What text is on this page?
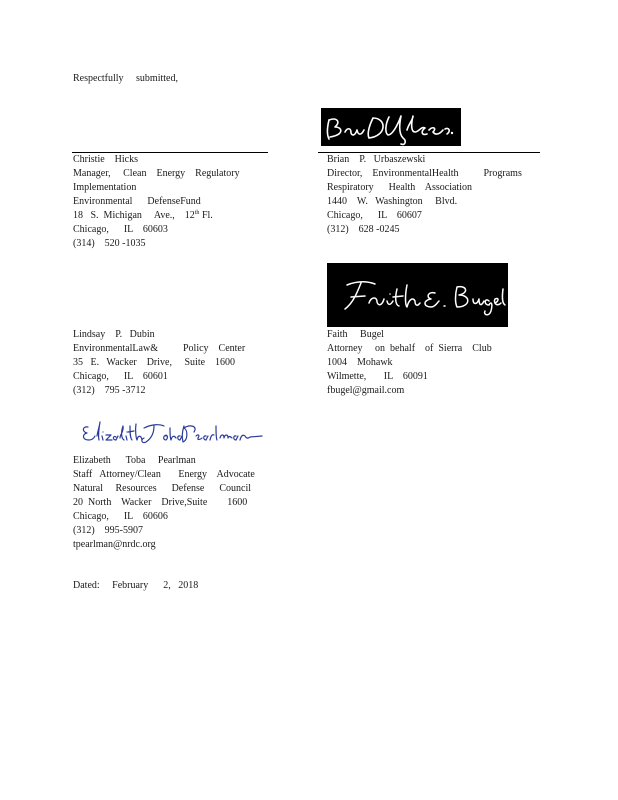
Respectfully     submitted,
Christie    Hicks
Manager,     Clean    Energy    Regulatory
Implementation
Environmental      DefenseFund
18   S.  Michigan     Ave.,    12th Fl.
Chicago,      IL    60603
(314)    520 -1035
Brian    P.   Urbaszewski
Director,    EnvironmentalHealth          Programs
Respiratory      Health    Association
1440    W.   Washington     Blvd.
Chicago,      IL    60607
(312)    628 -0245
Lindsay    P.   Dubin
EnvironmentalLaw&          Policy    Center
35   E.   Wacker    Drive,     Suite    1600
Chicago,      IL    60601
(312)    795 -3712
Faith     Bugel
Attorney     on  behalf    of  Sierra    Club
1004    Mohawk
Wilmette,       IL    60091
fbugel@gmail.com
Elizabeth      Toba     Pearlman
Staff   Attorney/Clean       Energy    Advocate
Natural     Resources      Defense      Council
20  North    Wacker    Drive,Suite        1600
Chicago,      IL    60606
(312)    995-5907
tpearlman@nrdc.org
Dated:     February      2,   2018
